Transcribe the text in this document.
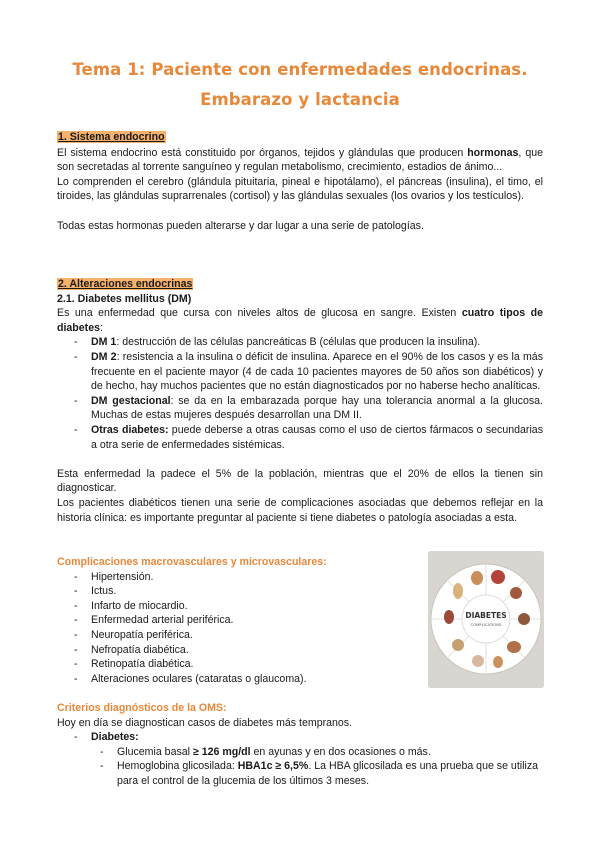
Tema 1: Paciente con enfermedades endocrinas.
Embarazo y lactancia
1. Sistema endocrino

El sistema endocrino está constituido por órganos, tejidos y glándulas que producen hormonas, que son secretadas al torrente sanguíneo y regulan metabolismo, crecimiento, estadios de ánimo...

Lo comprenden el cerebro (glándula pituitaria, pineal e hipotálamo), el páncreas (insulina), el timo, el tiroides, las glándulas suprarrenales (cortisol) y las glándulas sexuales (los ovarios y los testículos).

Todas estas hormonas pueden alterarse y dar lugar a una serie de patologías.

2. Alteraciones endocrinas
2.1. Diabetes mellitus (DM)

Es una enfermedad que cursa con niveles altos de glucosa en sangre. Existen cuatro tipos de diabetes:

- DM 1: destrucción de las células pancreáticas B (células que producen la insulina).
- DM 2: resistencia a la insulina o déficit de insulina. Aparece en el 90% de los casos y es la más frecuente en el paciente mayor (4 de cada 10 pacientes mayores de 50 años son diabéticos) y de hecho, hay muchos pacientes que no están diagnosticados por no haberse hecho analíticas.
- DM gestacional: se da en la embarazada porque hay una tolerancia anormal a la glucosa. Muchas de estas mujeres después desarrollan una DM II.
- Otras diabetes: puede deberse a otras causas como el uso de ciertos fármacos o secundarias a otra serie de enfermedades sistémicas.

Esta enfermedad la padece el 5% de la población, mientras que el 20% de ellos la tienen sin diagnosticar.

Los pacientes diabéticos tienen una serie de complicaciones asociadas que debemos reflejar en la historia clínica: es importante preguntar al paciente si tiene diabetes o patología asociadas a esta.

Complicaciones macrovasculares y microvasculares:
- Hipertensión.
- Ictus.
- Infarto de miocardio.
- Enfermedad arterial periférica.
- Neuropatía periférica.
- Nefropatía diabética.
- Retinopatía diabética.
- Alteraciones oculares (cataratas o glaucoma).
DIABETES
COMPLICATIONS
Criterios diagnósticos de la OMS:

Hoy en día se diagnostican casos de diabetes más tempranos.

- Diabetes:
- Glucemia basal ≥ 126 mg/dl en ayunas y en dos ocasiones o más.
- Hemoglobina glicosilada: HBA1c ≥ 6,5%. La HBA glicosilada es una prueba que se utiliza para el control de la glucemia de los últimos 3 meses.
